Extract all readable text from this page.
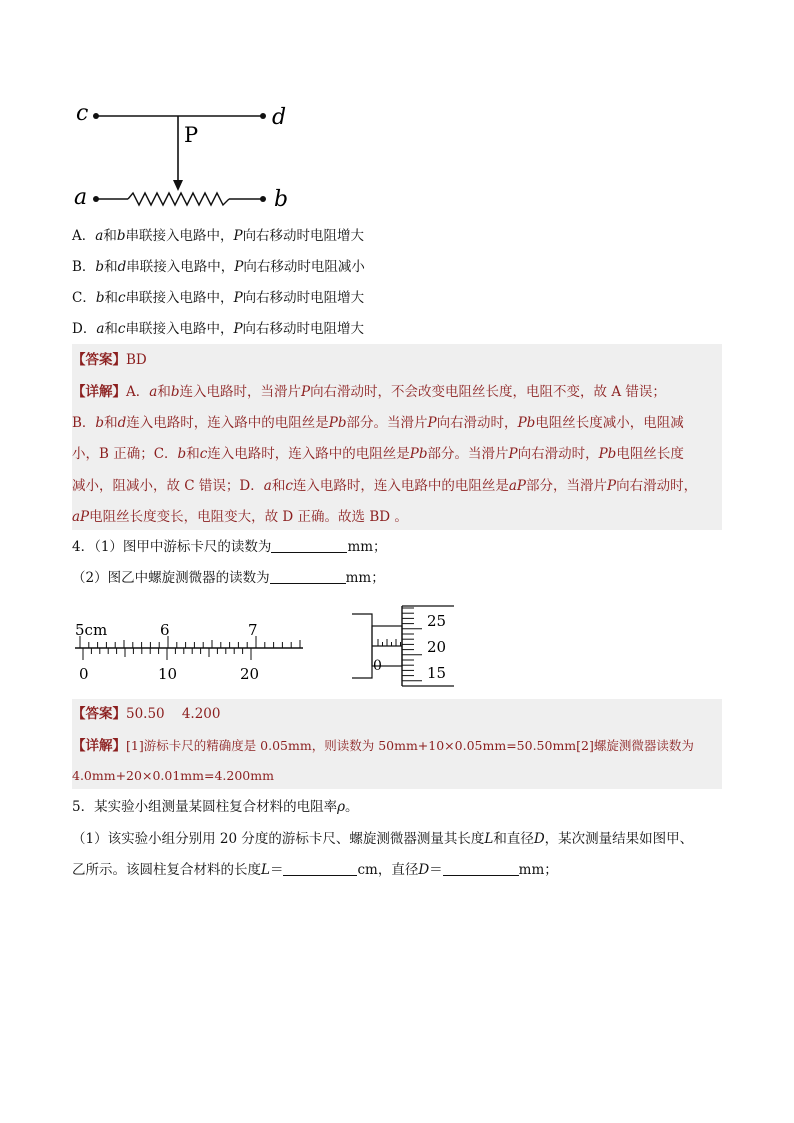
c	d
P
a	b
A．a和b串联接入电路中，P向右移动时电阻增大
B．b和d串联接入电路中，P向右移动时电阻减小
C．b和c串联接入电路中，P向右移动时电阻增大
D．a和c串联接入电路中，P向右移动时电阻增大
【答案】BD
【详解】A．a和b连入电路时，当滑片P向右滑动时，不会改变电阻丝长度，电阻不变，故 A 错误；
B．b和d连入电路时，连入路中的电阻丝是Pb部分。当滑片P向右滑动时，Pb电阻丝长度减小，电阻减
小，B 正确；C．b和c连入电路时，连入路中的电阻丝是Pb部分。当滑片P向右滑动时，Pb电阻丝长度
减小，阻减小，故 C 错误；D．a和c连入电路时，连入电路中的电阻丝是aP部分，当滑片P向右滑动时，
aP电阻丝长度变长，电阻变大，故 D 正确。故选 BD 。
4．（1）图甲中游标卡尺的读数为	mm；
（2）图乙中螺旋测微器的读数为	mm；
5cm	6	7
0	10	20
25
20
15
0
【答案】50.50    4.200
【详解】[1]游标卡尺的精确度是 0.05mm，则读数为 50mm+10×0.05mm=50.50mm[2]螺旋测微器读数为
4.0mm+20×0.01mm=4.200mm
5．某实验小组测量某圆柱复合材料的电阻率ρ。
（1）该实验小组分别用 20 分度的游标卡尺、螺旋测微器测量其长度L和直径D，某次测量结果如图甲、
乙所示。该圆柱复合材料的长度L＝	cm，直径D＝	mm；
